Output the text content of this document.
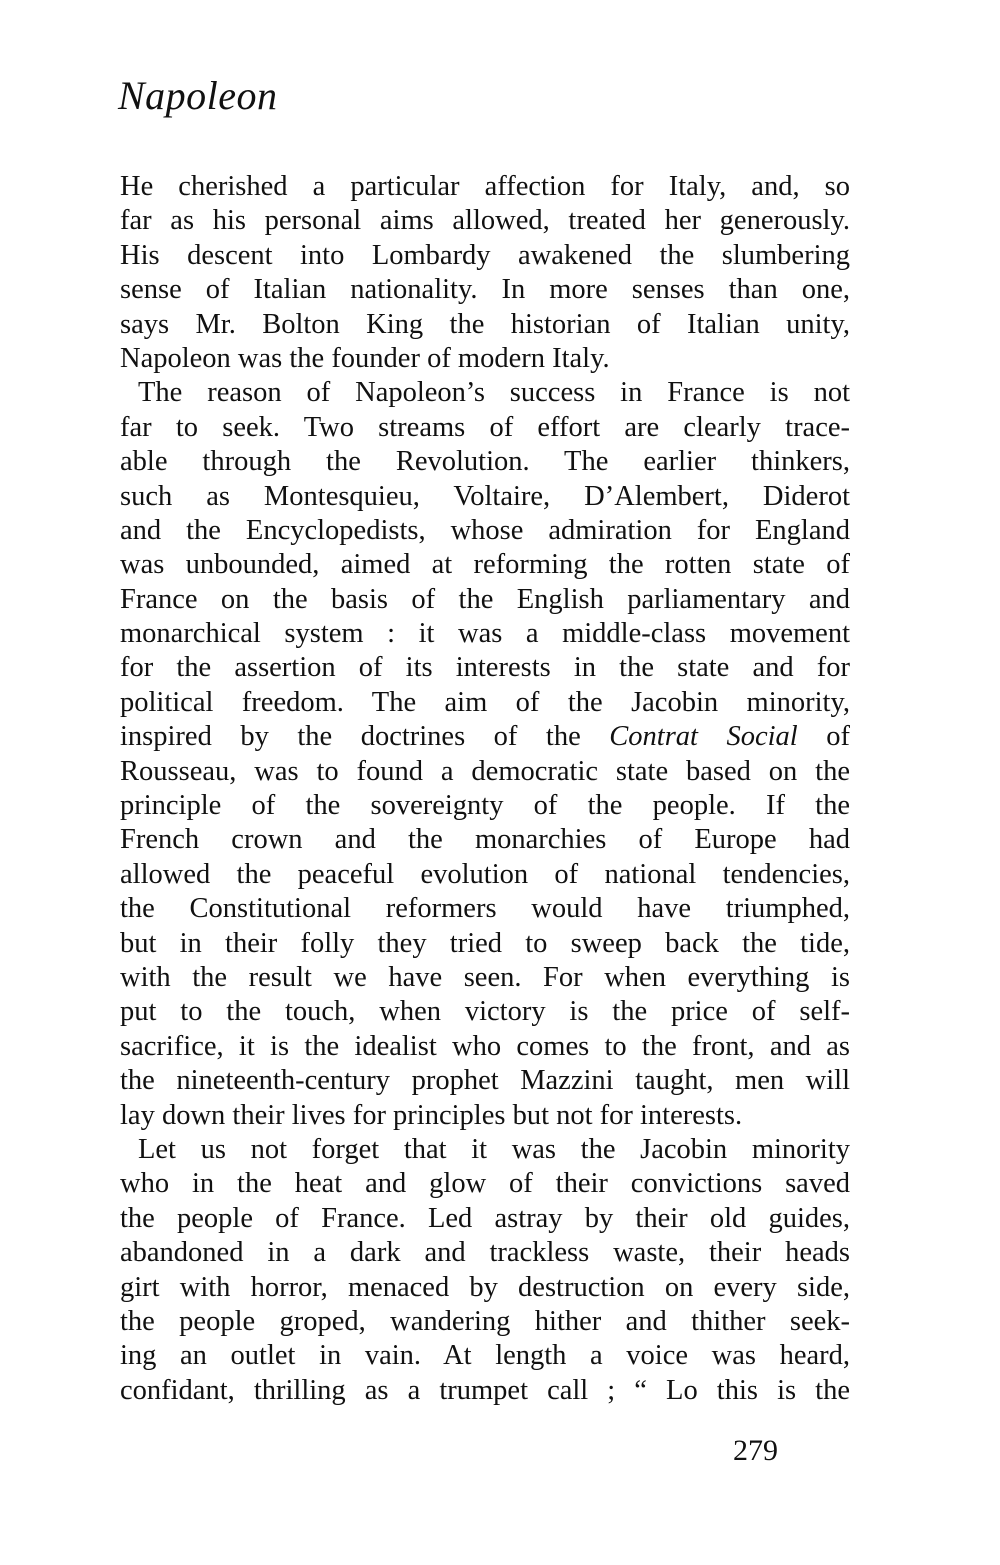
Napoleon
He cherished a particular affection for Italy, and, so
far as his personal aims allowed, treated her generously.
His descent into Lombardy awakened the slumbering
sense of Italian nationality. In more senses than one,
says Mr. Bolton King the historian of Italian unity,
Napoleon was the founder of modern Italy.
The reason of Napoleon’s success in France is not
far to seek. Two streams of effort are clearly trace-
able through the Revolution. The earlier thinkers,
such as Montesquieu, Voltaire, D’Alembert, Diderot
and the Encyclopedists, whose admiration for England
was unbounded, aimed at reforming the rotten state of
France on the basis of the English parliamentary and
monarchical system : it was a middle-class movement
for the assertion of its interests in the state and for
political freedom. The aim of the Jacobin minority,
inspired by the doctrines of the Contrat Social of
Rousseau, was to found a democratic state based on the
principle of the sovereignty of the people. If the
French crown and the monarchies of Europe had
allowed the peaceful evolution of national tendencies,
the Constitutional reformers would have triumphed,
but in their folly they tried to sweep back the tide,
with the result we have seen. For when everything is
put to the touch, when victory is the price of self-
sacrifice, it is the idealist who comes to the front, and as
the nineteenth-century prophet Mazzini taught, men will
lay down their lives for principles but not for interests.
Let us not forget that it was the Jacobin minority
who in the heat and glow of their convictions saved
the people of France. Led astray by their old guides,
abandoned in a dark and trackless waste, their heads
girt with horror, menaced by destruction on every side,
the people groped, wandering hither and thither seek-
ing an outlet in vain. At length a voice was heard,
confidant, thrilling as a trumpet call ; “ Lo this is the

279
